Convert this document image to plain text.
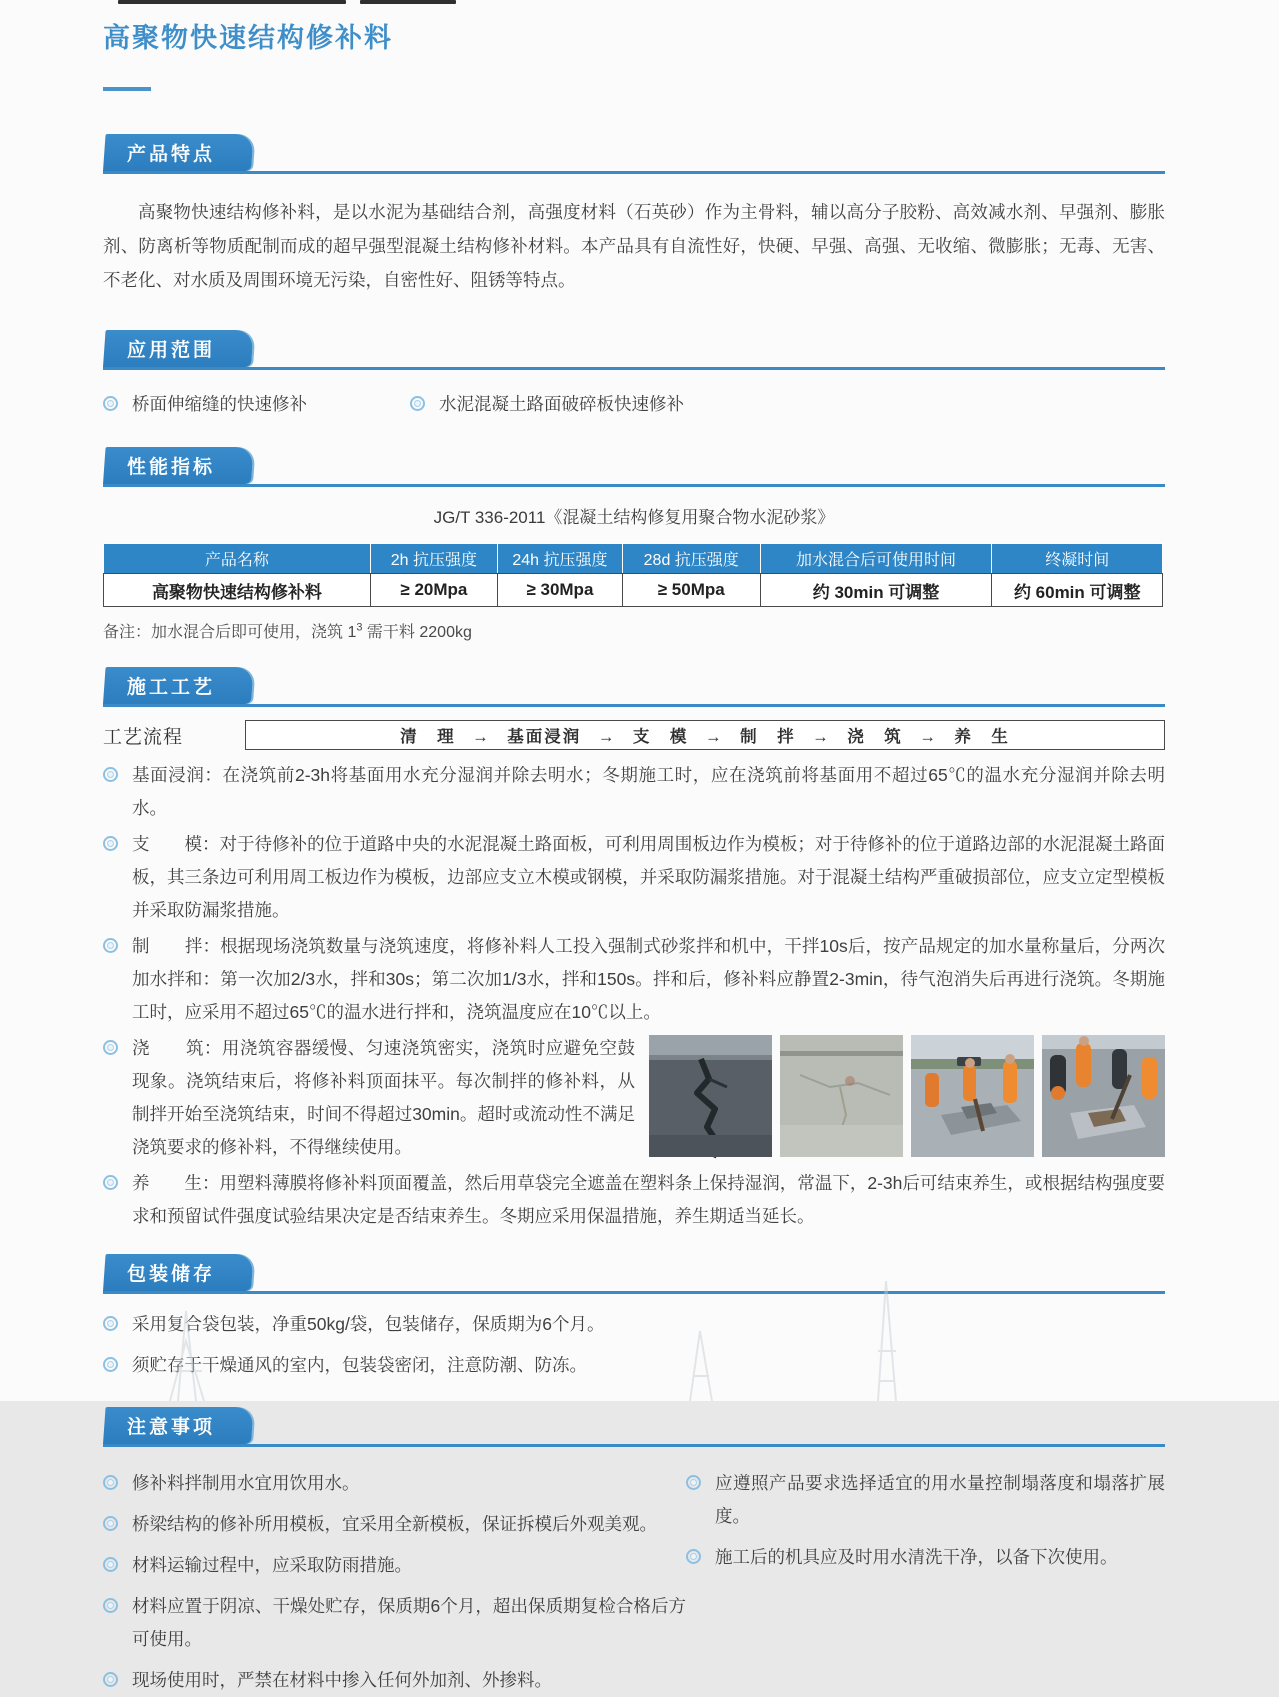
高聚物快速结构修补料
产品特点
高聚物快速结构修补料，是以水泥为基础结合剂，高强度材料（石英砂）作为主骨料，辅以高分子胶粉、高效减水剂、早强剂、膨胀剂、防离析等物质配制而成的超早强型混凝土结构修补材料。本产品具有自流性好，快硬、早强、高强、无收缩、微膨胀；无毒、无害、不老化、对水质及周围环境无污染，自密性好、阻锈等特点。
应用范围
桥面伸缩缝的快速修补	水泥混凝土路面破碎板快速修补
性能指标
JG/T 336-2011《混凝土结构修复用聚合物水泥砂浆》
产品名称	2h 抗压强度	24h 抗压强度	28d 抗压强度	加水混合后可使用时间	终凝时间
高聚物快速结构修补料	≥ 20Mpa	≥ 30Mpa	≥ 50Mpa	约 30min 可调整	约 60min 可调整
备注：加水混合后即可使用，浇筑 $1^3$ 需干料 2200kg
施工工艺
工艺流程	清　理 → 基面浸润 → 支　模 → 制　拌 → 浇　筑 → 养　生
基面浸润：在浇筑前2-3h将基面用水充分湿润并除去明水；冬期施工时，应在浇筑前将基面用不超过65℃的温水充分湿润并除去明水。
支　　模：对于待修补的位于道路中央的水泥混凝土路面板，可利用周围板边作为模板；对于待修补的位于道路边部的水泥混凝土路面板，其三条边可利用周工板边作为模板，边部应支立木模或钢模，并采取防漏浆措施。对于混凝土结构严重破损部位，应支立定型模板并采取防漏浆措施。
制　　拌：根据现场浇筑数量与浇筑速度，将修补料人工投入强制式砂浆拌和机中，干拌10s后，按产品规定的加水量称量后，分两次加水拌和：第一次加2/3水，拌和30s；第二次加1/3水，拌和150s。拌和后，修补料应静置2-3min，待气泡消失后再进行浇筑。冬期施工时，应采用不超过65℃的温水进行拌和，浇筑温度应在10℃以上。
浇　　筑：用浇筑容器缓慢、匀速浇筑密实，浇筑时应避免空鼓现象。浇筑结束后，将修补料顶面抹平。每次制拌的修补料，从制拌开始至浇筑结束，时间不得超过30min。超时或流动性不满足浇筑要求的修补料，不得继续使用。
养　　生：用塑料薄膜将修补料顶面覆盖，然后用草袋完全遮盖在塑料条上保持湿润，常温下，2-3h后可结束养生，或根据结构强度要求和预留试件强度试验结果决定是否结束养生。冬期应采用保温措施，养生期适当延长。
包装储存
采用复合袋包装，净重50kg/袋，包装储存，保质期为6个月。
须贮存于干燥通风的室内，包装袋密闭，注意防潮、防冻。
注意事项
修补料拌制用水宜用饮用水。
桥梁结构的修补所用模板，宜采用全新模板，保证拆模后外观美观。
材料运输过程中，应采取防雨措施。
材料应置于阴凉、干燥处贮存，保质期6个月，超出保质期复检合格后方可使用。
现场使用时，严禁在材料中掺入任何外加剂、外掺料。
应遵照产品要求选择适宜的用水量控制塌落度和塌落扩展度。
施工后的机具应及时用水清洗干净，以备下次使用。
